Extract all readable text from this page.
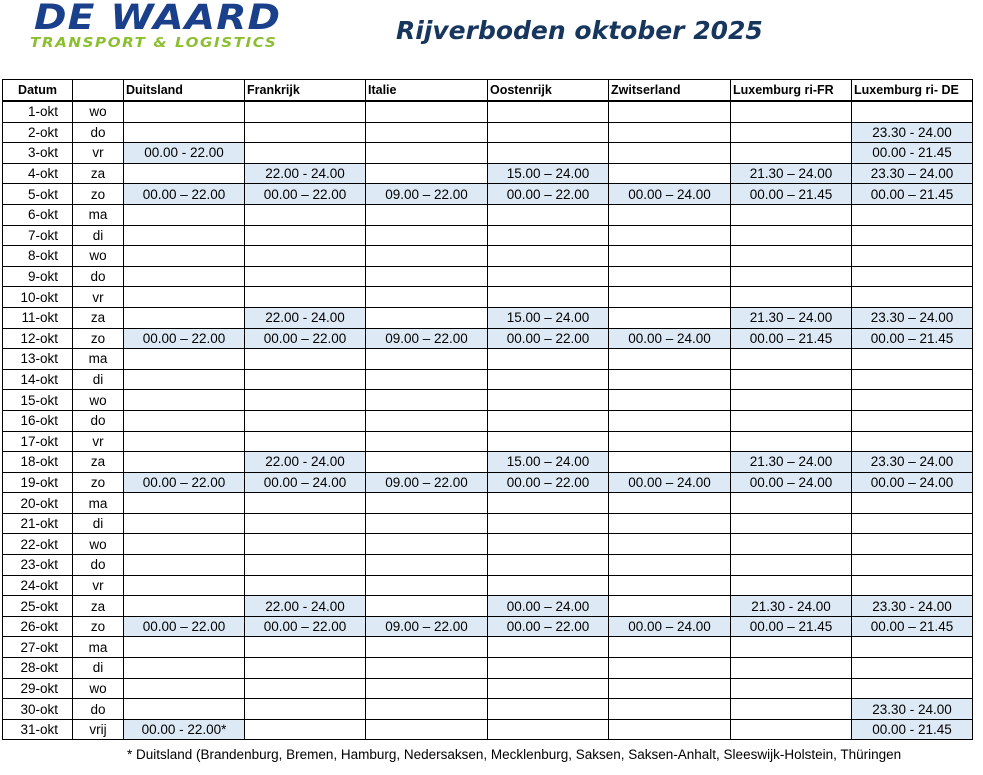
DE WAARD
TRANSPORT & LOGISTICS	Rijverboden oktober 2025
Datum		Duitsland	Frankrijk	Italie	Oostenrijk	Zwitserland	Luxemburg ri-FR	Luxemburg ri- DE
1-okt	wo							
2-okt	do							23.30 - 24.00
3-okt	vr	00.00 - 22.00						00.00 - 21.45
4-okt	za		22.00 - 24.00		15.00 – 24.00		21.30 – 24.00	23.30 – 24.00
5-okt	zo	00.00 – 22.00	00.00 – 22.00	09.00 – 22.00	00.00 – 22.00	00.00 – 24.00	00.00 – 21.45	00.00 – 21.45
6-okt	ma							
7-okt	di							
8-okt	wo							
9-okt	do							
10-okt	vr							
11-okt	za		22.00 - 24.00		15.00 – 24.00		21.30 – 24.00	23.30 – 24.00
12-okt	zo	00.00 – 22.00	00.00 – 22.00	09.00 – 22.00	00.00 – 22.00	00.00 – 24.00	00.00 – 21.45	00.00 – 21.45
13-okt	ma							
14-okt	di							
15-okt	wo							
16-okt	do							
17-okt	vr							
18-okt	za		22.00 - 24.00		15.00 – 24.00		21.30 – 24.00	23.30 – 24.00
19-okt	zo	00.00 – 22.00	00.00 – 24.00	09.00 – 22.00	00.00 – 22.00	00.00 – 24.00	00.00 – 24.00	00.00 – 24.00
20-okt	ma							
21-okt	di							
22-okt	wo							
23-okt	do							
24-okt	vr							
25-okt	za		22.00 - 24.00		00.00 – 24.00		21.30 - 24.00	23.30 - 24.00
26-okt	zo	00.00 – 22.00	00.00 – 22.00	09.00 – 22.00	00.00 – 22.00	00.00 – 24.00	00.00 – 21.45	00.00 – 21.45
27-okt	ma							
28-okt	di							
29-okt	wo							
30-okt	do							23.30 - 24.00
31-okt	vrij	00.00 - 22.00*						00.00 - 21.45
* Duitsland (Brandenburg, Bremen, Hamburg, Nedersaksen, Mecklenburg, Saksen, Saksen-Anhalt, Sleeswijk-Holstein, Thüringen
